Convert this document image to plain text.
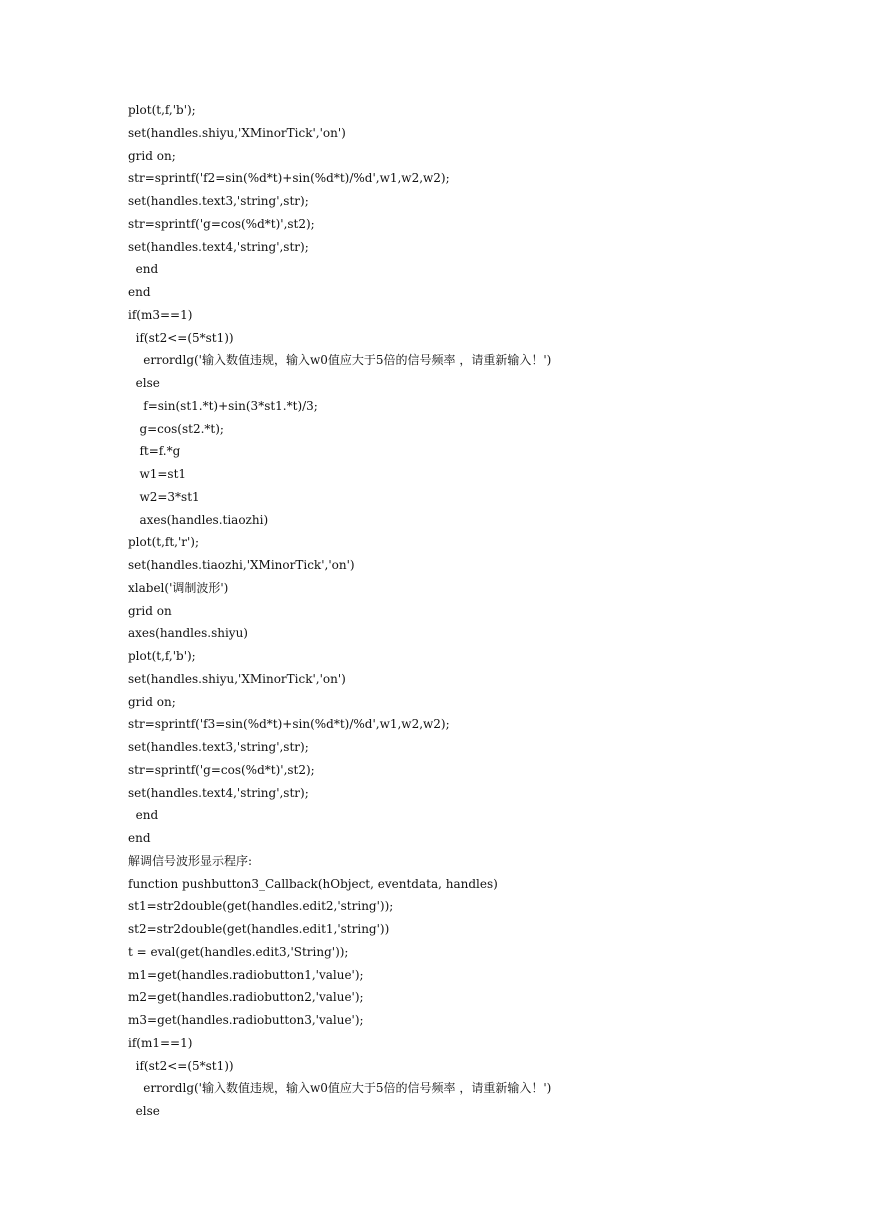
plot(t,f,'b');
set(handles.shiyu,'XMinorTick','on')
grid on;
str=sprintf('f2=sin(%d*t)+sin(%d*t)/%d',w1,w2,w2);
set(handles.text3,'string',str);
str=sprintf('g=cos(%d*t)',st2);
set(handles.text4,'string',str);
end
end
if(m3==1)
if(st2<=(5*st1))
errordlg('输入数值违规，输入w0值应大于5倍的信号频率 ，请重新输入！')
else
f=sin(st1.*t)+sin(3*st1.*t)/3;
g=cos(st2.*t);
ft=f.*g
w1=st1
w2=3*st1
axes(handles.tiaozhi)
plot(t,ft,'r');
set(handles.tiaozhi,'XMinorTick','on')
xlabel('调制波形')
grid on
axes(handles.shiyu)
plot(t,f,'b');
set(handles.shiyu,'XMinorTick','on')
grid on;
str=sprintf('f3=sin(%d*t)+sin(%d*t)/%d',w1,w2,w2);
set(handles.text3,'string',str);
str=sprintf('g=cos(%d*t)',st2);
set(handles.text4,'string',str);
end
end
解调信号波形显示程序:
function pushbutton3_Callback(hObject, eventdata, handles)
st1=str2double(get(handles.edit2,'string'));
st2=str2double(get(handles.edit1,'string'))
t = eval(get(handles.edit3,'String'));
m1=get(handles.radiobutton1,'value');
m2=get(handles.radiobutton2,'value');
m3=get(handles.radiobutton3,'value');
if(m1==1)
if(st2<=(5*st1))
errordlg('输入数值违规，输入w0值应大于5倍的信号频率 ，请重新输入！')
else
